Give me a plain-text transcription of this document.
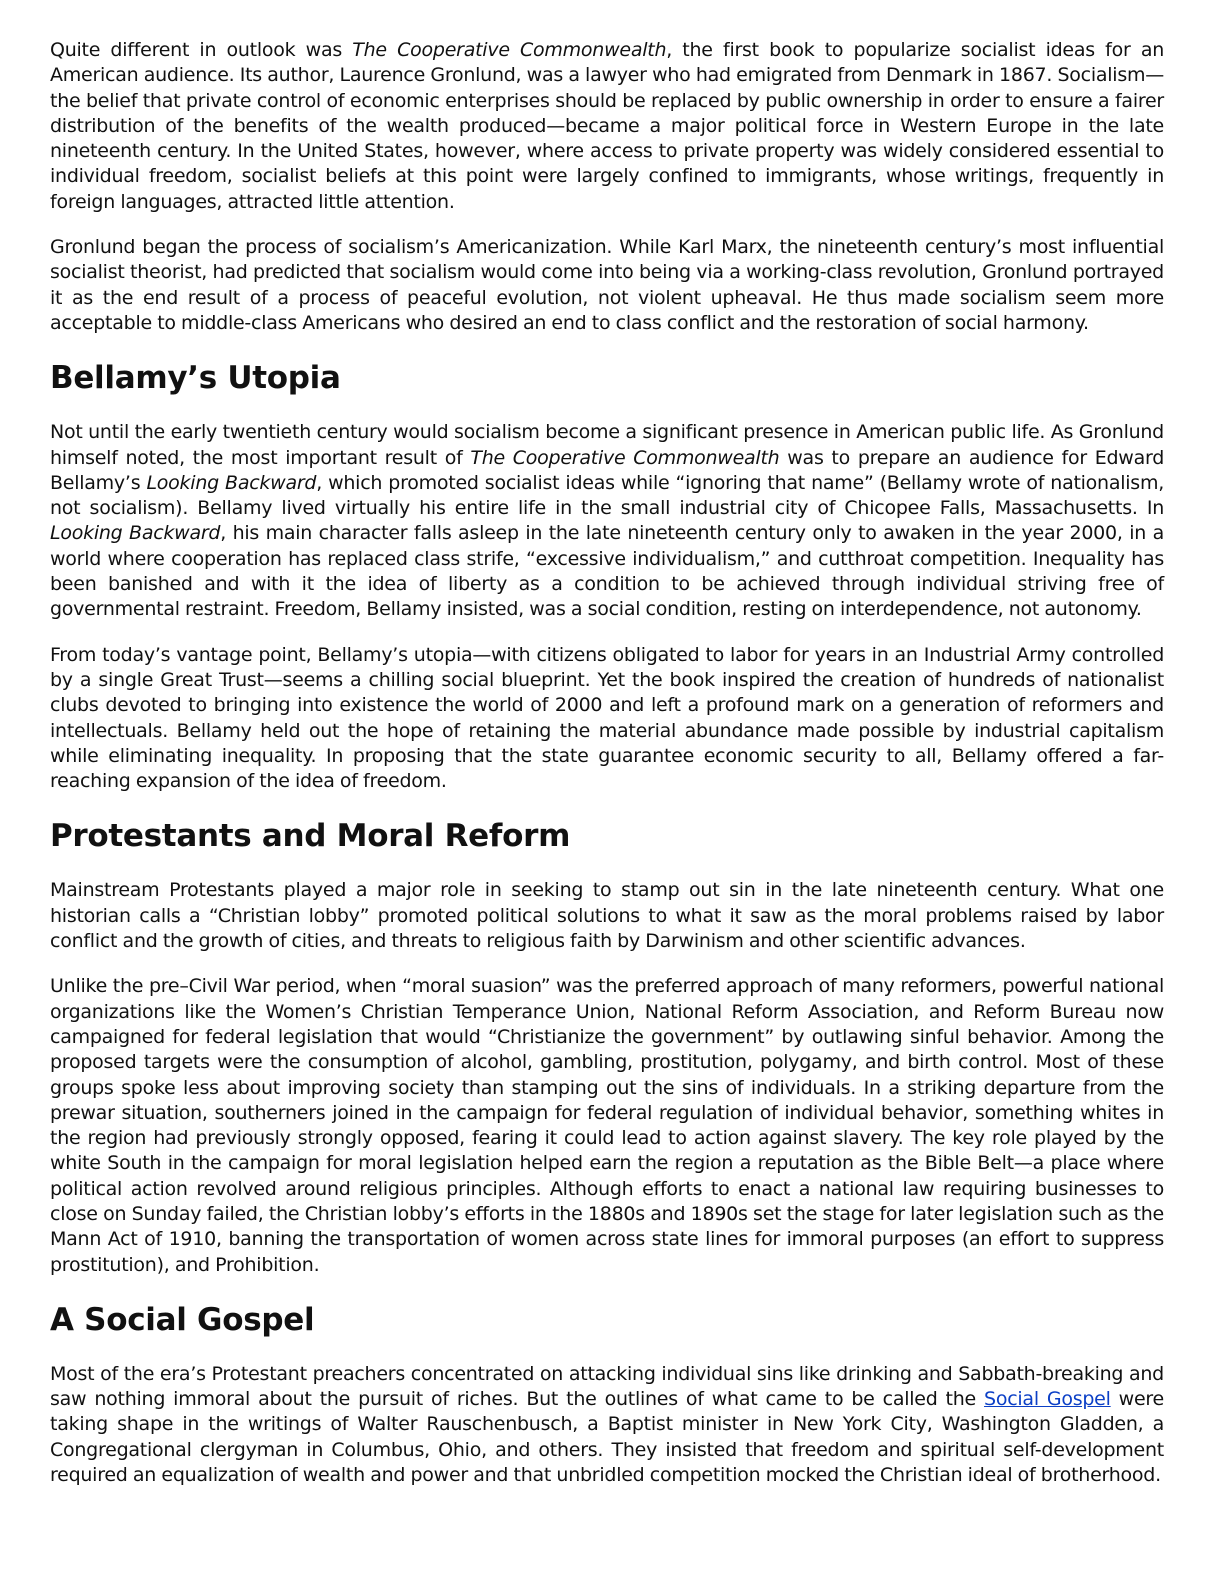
Quite different in outlook was The Cooperative Commonwealth, the first book to popularize socialist ideas for an American audience. Its author, Laurence Gronlund, was a lawyer who had emigrated from Denmark in 1867. Socialism—the belief that private control of economic enterprises should be replaced by public ownership in order to ensure a fairer distribution of the benefits of the wealth produced—became a major political force in Western Europe in the late nineteenth century. In the United States, however, where access to private property was widely considered essential to individual freedom, socialist beliefs at this point were largely confined to immigrants, whose writings, frequently in foreign languages, attracted little attention.

Gronlund began the process of socialism’s Americanization. While Karl Marx, the nineteenth century’s most influential socialist theorist, had predicted that socialism would come into being via a working-class revolution, Gronlund portrayed it as the end result of a process of peaceful evolution, not violent upheaval. He thus made socialism seem more acceptable to middle-class Americans who desired an end to class conflict and the restoration of social harmony.

Bellamy’s Utopia

Not until the early twentieth century would socialism become a significant presence in American public life. As Gronlund himself noted, the most important result of The Cooperative Commonwealth was to prepare an audience for Edward Bellamy’s Looking Backward, which promoted socialist ideas while “ignoring that name” (Bellamy wrote of nationalism, not socialism). Bellamy lived virtually his entire life in the small industrial city of Chicopee Falls, Massachusetts. In Looking Backward, his main character falls asleep in the late nineteenth century only to awaken in the year 2000, in a world where cooperation has replaced class strife, “excessive individualism,” and cutthroat competition. Inequality has been banished and with it the idea of liberty as a condition to be achieved through individual striving free of governmental restraint. Freedom, Bellamy insisted, was a social condition, resting on interdependence, not autonomy.

From today’s vantage point, Bellamy’s utopia—with citizens obligated to labor for years in an Industrial Army controlled by a single Great Trust—seems a chilling social blueprint. Yet the book inspired the creation of hundreds of nationalist clubs devoted to bringing into existence the world of 2000 and left a profound mark on a generation of reformers and intellectuals. Bellamy held out the hope of retaining the material abundance made possible by industrial capitalism while eliminating inequality. In proposing that the state guarantee economic security to all, Bellamy offered a far-reaching expansion of the idea of freedom.

Protestants and Moral Reform

Mainstream Protestants played a major role in seeking to stamp out sin in the late nineteenth century. What one historian calls a “Christian lobby” promoted political solutions to what it saw as the moral problems raised by labor conflict and the growth of cities, and threats to religious faith by Darwinism and other scientific advances.

Unlike the pre–Civil War period, when “moral suasion” was the preferred approach of many reformers, powerful national organizations like the Women’s Christian Temperance Union, National Reform Association, and Reform Bureau now campaigned for federal legislation that would “Christianize the government” by outlawing sinful behavior. Among the proposed targets were the consumption of alcohol, gambling, prostitution, polygamy, and birth control. Most of these groups spoke less about improving society than stamping out the sins of individuals. In a striking departure from the prewar situation, southerners joined in the campaign for federal regulation of individual behavior, something whites in the region had previously strongly opposed, fearing it could lead to action against slavery. The key role played by the white South in the campaign for moral legislation helped earn the region a reputation as the Bible Belt—a place where political action revolved around religious principles. Although efforts to enact a national law requiring businesses to close on Sunday failed, the Christian lobby’s efforts in the 1880s and 1890s set the stage for later legislation such as the Mann Act of 1910, banning the transportation of women across state lines for immoral purposes (an effort to suppress prostitution), and Prohibition.

A Social Gospel

Most of the era’s Protestant preachers concentrated on attacking individual sins like drinking and Sabbath-breaking and saw nothing immoral about the pursuit of riches. But the outlines of what came to be called the Social Gospel were taking shape in the writings of Walter Rauschenbusch, a Baptist minister in New York City, Washington Gladden, a Congregational clergyman in Columbus, Ohio, and others. They insisted that freedom and spiritual self-development required an equalization of wealth and power and that unbridled competition mocked the Christian ideal of brotherhood.
